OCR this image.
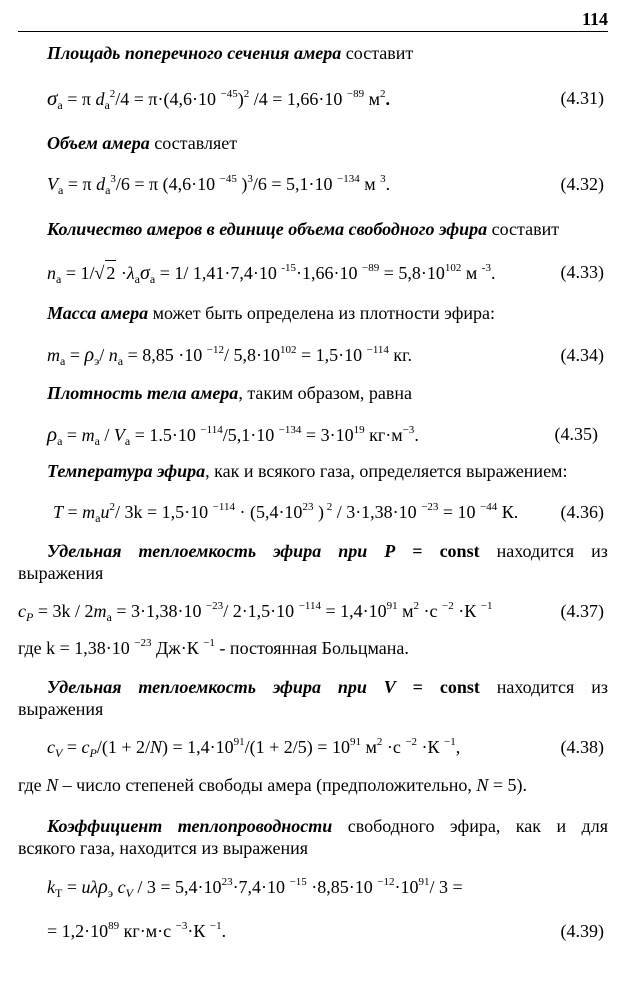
114
Площадь поперечного сечения амера составит
$\sigma_a = \pi$ $d_a^2/4 = \pi\cdot(4,6\cdot 10$ $^{-45}$)$^2$ /4 = 1,66·10 $^{-89}$ $м^2$.	(4.31)
Объем амера составляет
$V_a = \pi$ $d_a^3/6 = \pi$ (4,6·10 $^{-45}$ )$^3$/6 = 5,1·10 $^{-134}$ м $^3$.	(4.32)
Количество амеров в единице объема свободного эфира составит
$n_a = 1/√$ $2 \cdot\lambda_a\sigma_a = 1/$ 1,41·7,4·10 $^{-15}$·1,66·10 $^{-89} = 5,8\cdot 10^{102}$ м $^{-3}$.	(4.33)
Масса амера может быть определена из плотности эфира:
$m_a = \rho_э/$ $n_a = 8,85 \cdot 10$ $^{-12}$/ $5,8\cdot 10^{102} = 1,5\cdot 10$ $^{-114}$ кг.	(4.34)
Плотность тела амера, таким образом, равна
$\rho_a = m_a / V_a = 1.5\cdot 10$ $^{-114}$/5,1·10 $^{-134} = 3\cdot 10^{19}$ $кг\cdot м^{-3}$.	(4.35)
Температура эфира, как и всякого газа, определяется выражением:
$T = m_au^2/$ 3k = 1,5·10 $^{-114} \cdot (5,4\cdot 10^{23}$ ) $^2$ / 3·1,38·10 $^{-23}$ = 10 $^{-44}$ К. (4.36)
Удельная теплоемкость эфира при P = const находится из
выражения
$c_P = 3k / 2m_a = 3\cdot 1,38\cdot 10$ $^{-23}$/ 2·1,5·10 $^{-114} = 1,4\cdot 10^{91}$ $м^2 \cdot с$ $^{-2}$ ·К $^{-1}$	(4.37)
где k = 1,38·10 $^{-23}$ Дж·К $^{-1}$ - постоянная Больцмана.
Удельная теплоемкость эфира при V = const находится из
выражения
$c_V = c_P/(1 + 2/N) = 1,4\cdot 10^{91}/(1 + 2/5) = 10^{91}$ $м^2 \cdot с$ $^{-2}$ ·К $^{-1}$,	(4.38)
где N – число степеней свободы амера (предположительно, N = 5).
Коэффициент теплопроводности свободного эфира, как и для
всякого газа, находится из выражения
$k_Т = u\lambda\rho_э$ $c_V / 3 = 5,4\cdot 10^{23}\cdot 7,4\cdot 10$ $^{-15}$ ·8,85·10 $^{-12}\cdot 10^{91}/$ 3 =
= $1,2\cdot 10^{89}$ кг·м·с $^{-3}$·К $^{-1}$.	(4.39)
